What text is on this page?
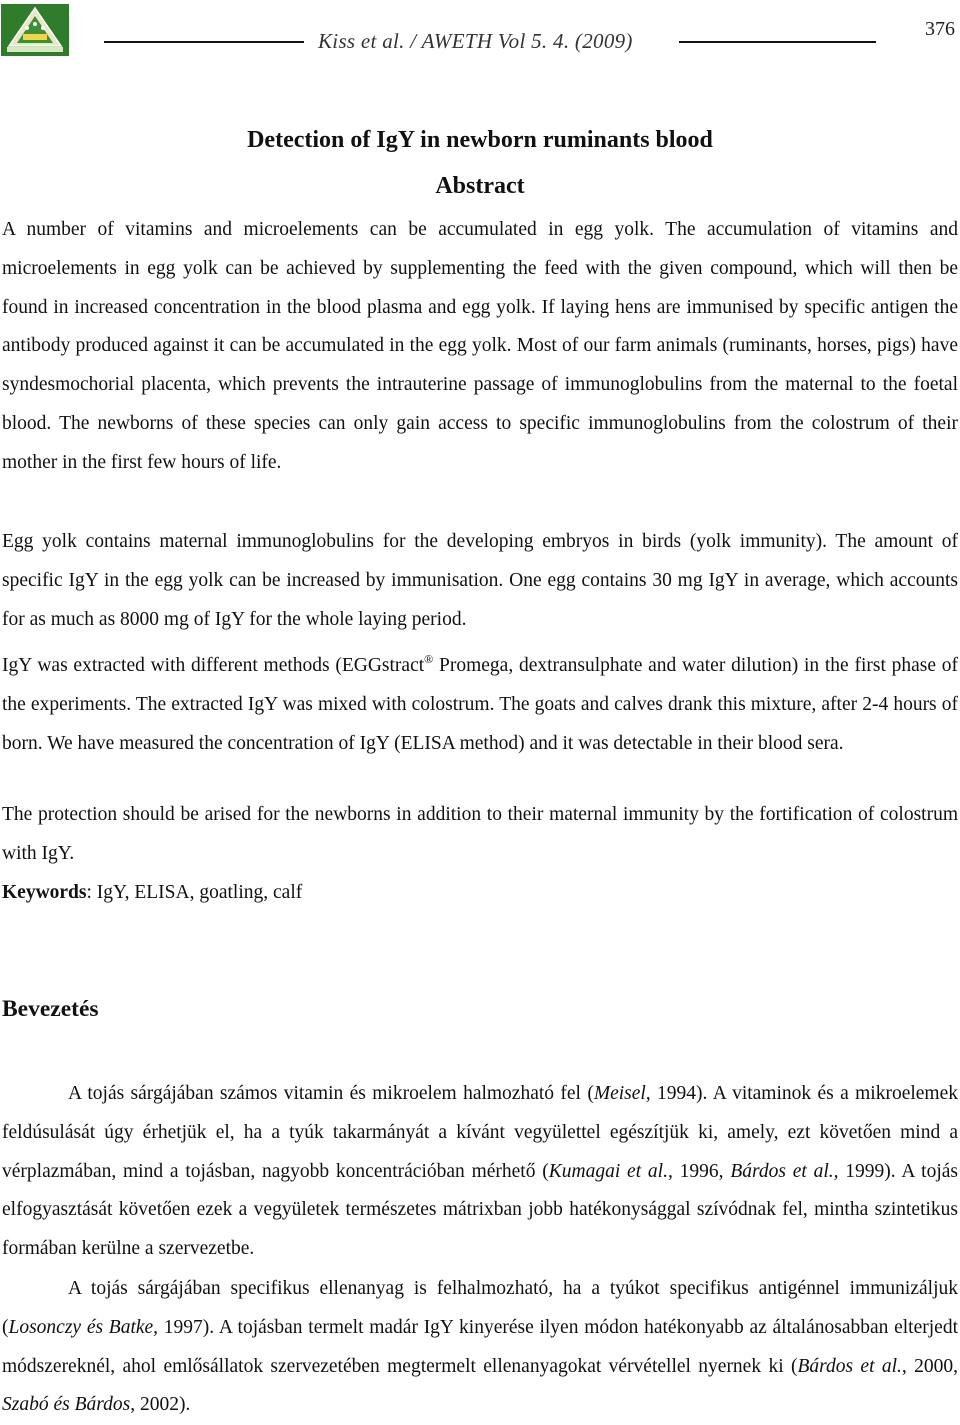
Kiss et al. / AWETH Vol 5. 4. (2009)	376
Detection of IgY in newborn ruminants blood
Abstract

A number of vitamins and microelements can be accumulated in egg yolk. The accumulation of vitamins and microelements in egg yolk can be achieved by supplementing the feed with the given compound, which will then be found in increased concentration in the blood plasma and egg yolk. If laying hens are immunised by specific antigen the antibody produced against it can be accumulated in the egg yolk. Most of our farm animals (ruminants, horses, pigs) have syndesmochorial placenta, which prevents the intrauterine passage of immunoglobulins from the maternal to the foetal blood. The newborns of these species can only gain access to specific immunoglobulins from the colostrum of their mother in the first few hours of life.

Egg yolk contains maternal immunoglobulins for the developing embryos in birds (yolk immunity). The amount of specific IgY in the egg yolk can be increased by immunisation. One egg contains 30 mg IgY in average, which accounts for as much as 8000 mg of IgY for the whole laying period.

IgY was extracted with different methods (EGGstract® Promega, dextransulphate and water dilution) in the first phase of the experiments. The extracted IgY was mixed with colostrum. The goats and calves drank this mixture, after 2-4 hours of born. We have measured the concentration of IgY (ELISA method) and it was detectable in their blood sera.

The protection should be arised for the newborns in addition to their maternal immunity by the fortification of colostrum with IgY.

Keywords: IgY, ELISA, goatling, calf

Bevezetés

A tojás sárgájában számos vitamin és mikroelem halmozható fel (Meisel, 1994). A vitaminok és a mikroelemek feldúsulását úgy érhetjük el, ha a tyúk takarmányát a kívánt vegyülettel egészítjük ki, amely, ezt követően mind a vérplazmában, mind a tojásban, nagyobb koncentrációban mérhető (Kumagai et al., 1996, Bárdos et al., 1999). A tojás elfogyasztását követően ezek a vegyületek természetes mátrixban jobb hatékonysággal szívódnak fel, mintha szintetikus formában kerülne a szervezetbe.

A tojás sárgájában specifikus ellenanyag is felhalmozható, ha a tyúkot specifikus antigénnel immunizáljuk (Losonczy és Batke, 1997). A tojásban termelt madár IgY kinyerése ilyen módon hatékonyabb az általánosabban elterjedt módszereknél, ahol emlősállatok szervezetében megtermelt ellenanyagokat vérvétellel nyernek ki (Bárdos et al., 2000, Szabó és Bárdos, 2002).
